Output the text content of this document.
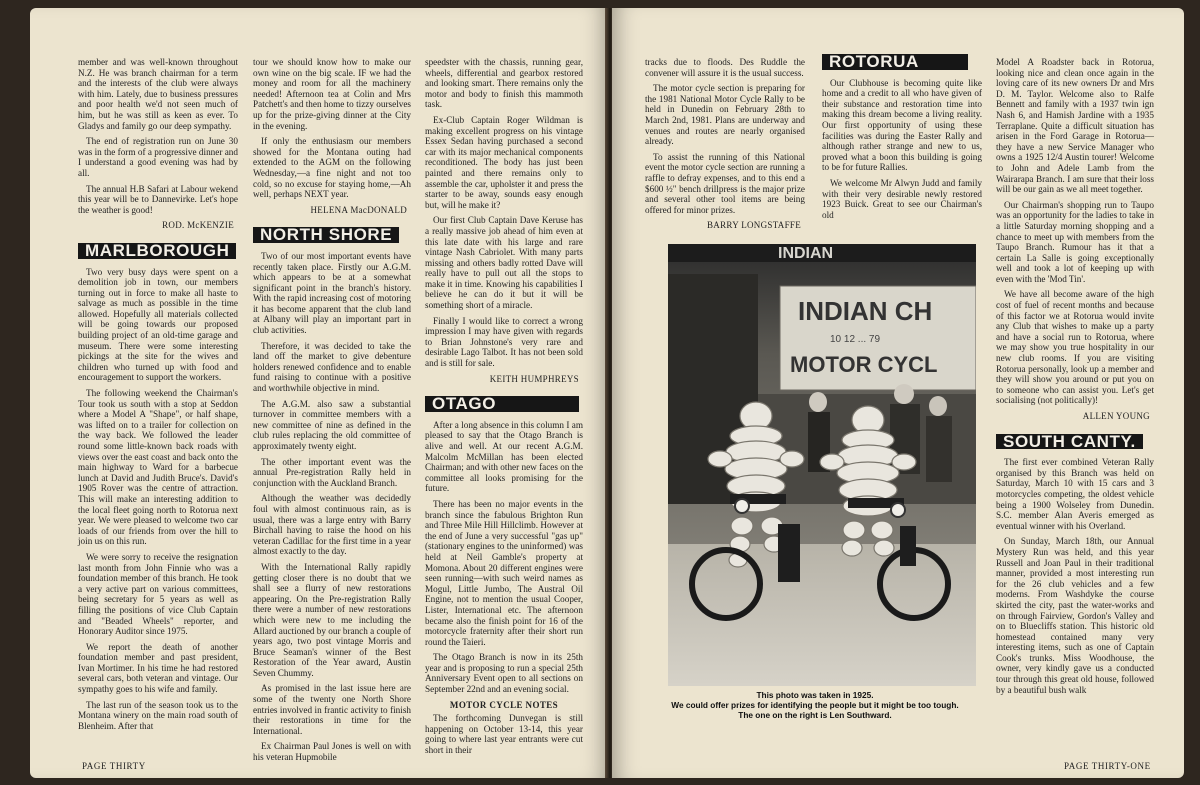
member and was well-known throughout N.Z. He was branch chairman for a term and the interests of the club were always with him. Lately, due to business pressures and poor health we'd not seen much of him, but he was still as keen as ever. To Gladys and family go our deep sympathy.

The end of registration run on June 30 was in the form of a progressive dinner and I understand a good evening was had by all.

The annual H.B Safari at Labour wekend this year will be to Dannevirke. Let's hope the weather is good!

ROD. McKENZIE
MARLBOROUGH

Two very busy days were spent on a demolition job in town, our members turning out in force to make all haste to salvage as much as possible in the time allowed. Hopefully all materials collected will be going towards our proposed building project of an old-time garage and museum. There were some interesting pickings at the site for the wives and children who turned up with food and encouragement to support the workers.

The following weekend the Chairman's Tour took us south with a stop at Seddon where a Model A "Shape", or half shape, was lifted on to a trailer for collection on the way back. We followed the leader round some little-known back roads with views over the east coast and back onto the main highway to Ward for a barbecue lunch at David and Judith Bruce's. David's 1905 Rover was the centre of attraction. This will make an interesting addition to the local fleet going north to Rotorua next year. We were pleased to welcome two car loads of our friends from over the hill to join us on this run.

We were sorry to receive the resignation last month from John Finnie who was a foundation member of this branch. He took a very active part on various committees, being secretary for 5 years as well as filling the positions of vice Club Captain and "Beaded Wheels" reporter, and Honorary Auditor since 1975.

We report the death of another foundation member and past president, Ivan Mortimer. In his time he had restored several cars, both veteran and vintage. Our sympathy goes to his wife and family.

The last run of the season took us to the Montana winery on the main road south of Blenheim. After that

tour we should know how to make our own wine on the big scale. IF we had the money and room for all the machinery needed! Afternoon tea at Colin and Mrs Patchett's and then home to tizzy ourselves up for the prize-giving dinner at the City in the evening.

If only the enthusiasm our members showed for the Montana outing had extended to the AGM on the following Wednesday,—a fine night and not too cold, so no excuse for staying home,—Ah well, perhaps NEXT year.

HELENA MacDONALD
NORTH SHORE

Two of our most important events have recently taken place. Firstly our A.G.M. which appears to be at a somewhat significant point in the branch's history. With the rapid increasing cost of motoring it has become apparent that the club land at Albany will play an important part in club activities.

Therefore, it was decided to take the land off the market to give debenture holders renewed confidence and to enable fund raising to continue with a positive and worthwhile objective in mind.

The A.G.M. also saw a substantial turnover in committee members with a new committee of nine as defined in the club rules replacing the old committee of approximately twenty eight.

The other important event was the annual Pre-registration Rally held in conjunction with the Auckland Branch.

Although the weather was decidedly foul with almost continuous rain, as is usual, there was a large entry with Barry Birchall having to raise the hood on his veteran Cadillac for the first time in a year almost exactly to the day.

With the International Rally rapidly getting closer there is no doubt that we shall see a flurry of new restorations appearing. On the Pre-registration Rally there were a number of new restorations which were new to me including the Allard auctioned by our branch a couple of years ago, two post vintage Morris and Bruce Seaman's winner of the Best Restoration of the Year award, Austin Seven Chummy.

As promised in the last issue here are some of the twenty one North Shore entries involved in frantic activity to finish their restorations in time for the International.

Ex Chairman Paul Jones is well on with his veteran Hupmobile

speedster with the chassis, running gear, wheels, differential and gearbox restored and looking smart. There remains only the motor and body to finish this mammoth task.

Ex-Club Captain Roger Wildman is making excellent progress on his vintage Essex Sedan having purchased a second car with its major mechanical components reconditioned. The body has just been painted and there remains only to assemble the car, upholster it and press the starter to be away, sounds easy enough but, will he make it?

Our first Club Captain Dave Keruse has a really massive job ahead of him even at this late date with his large and rare vintage Nash Cabriolet. With many parts missing and others badly rotted Dave will really have to pull out all the stops to make it in time. Knowing his capabilities I believe he can do it but it will be something short of a miracle.

Finally I would like to correct a wrong impression I may have given with regards to Brian Johnstone's very rare and desirable Lago Talbot. It has not been sold and is still for sale.

KEITH HUMPHREYS
OTAGO

After a long absence in this column I am pleased to say that the Otago Branch is alive and well. At our recent A.G.M. Malcolm McMillan has been elected Chairman; and with other new faces on the committee all looks promising for the future.

There has been no major events in the branch since the fabulous Brighton Run and Three Mile Hill Hillclimb. However at the end of June a very successful "gas up" (stationary engines to the uninformed) was held at Neil Gamble's property at Momona. About 20 different engines were seen running—with such weird names as Mogul, Little Jumbo, The Austral Oil Engine, not to mention the usual Cooper, Lister, International etc. The afternoon became also the finish point for 16 of the motorcycle fraternity after their short run round the Taieri.

The Otago Branch is now in its 25th year and is proposing to run a special 25th Anniversary Event open to all sections on September 22nd and an evening social.

MOTOR CYCLE NOTES

The forthcoming Dunvegan is still happening on October 13-14, this year going to where last year entrants were cut short in their

PAGE THIRTY

tracks due to floods. Des Ruddle the convener will assure it is the usual success.

The motor cycle section is preparing for the 1981 National Motor Cycle Rally to be held in Dunedin on February 28th to March 2nd, 1981. Plans are underway and venues and routes are nearly organised already.

To assist the running of this National event the motor cycle section are running a raffle to defray expenses, and to this end a $600 ½" bench drillpress is the major prize and several other tool items are being offered for minor prizes.

BARRY LONGSTAFFE
ROTORUA

Our Clubhouse is becoming quite like home and a credit to all who have given of their substance and restoration time into making this dream become a living reality. Our first opportunity of using these facilities was during the Easter Rally and although rather strange and new to us, proved what a boon this building is going to be for future Rallies.

We welcome Mr Alwyn Judd and family with their very desirable newly restored 1923 Buick. Great to see our Chairman's old

Model A Roadster back in Rotorua, looking nice and clean once again in the loving care of its new owners Dr and Mrs D. M. Taylor. Welcome also to Ralfe Bennett and family with a 1937 twin ign Nash 6, and Hamish Jardine with a 1935 Terraplane. Quite a difficult situation has arisen in the Ford Garage in Rotorua—they have a new Service Manager who owns a 1925 12/4 Austin tourer! Welcome to John and Adele Lamb from the Wairarapa Branch. I am sure that their loss will be our gain as we all meet together.

Our Chairman's shopping run to Taupo was an opportunity for the ladies to take in a little Saturday morning shopping and a chance to meet up with members from the Taupo Branch. Rumour has it that a certain La Salle is going exceptionally well and took a lot of keeping up with even with the 'Mod Tin'.

We have all become aware of the high cost of fuel of recent months and because of this factor we at Rotorua would invite any Club that wishes to make up a party and have a social run to Rotorua, where we may show you true hospitality in our new club rooms. If you are visiting Rotorua personally, look up a member and they will show you around or put you on to someone who can assist you. Let's get socialising (not politically)!

ALLEN YOUNG
SOUTH CANTY.

The first ever combined Veteran Rally organised by this Branch was held on Saturday, March 10 with 15 cars and 3 motorcycles competing, the oldest vehicle being a 1900 Wolseley from Dunedin. S.C. member Alan Averis emerged as eventual winner with his Overland.

On Sunday, March 18th, our Annual Mystery Run was held, and this year Russell and Joan Paul in their traditional manner, provided a most interesting run for the 26 club vehicles and a few moderns. From Washdyke the course skirted the city, past the water-works and on through Fairview, Gordon's Valley and on to Bluecliffs station. This historic old homestead contained many very interesting items, such as one of Captain Cook's trunks. Miss Woodhouse, the owner, very kindly gave us a conducted tour through this great old house, followed by a beautiful bush walk

INDIAN
INDIAN CH
10 12 ... 79
MOTOR CYCL
This photo was taken in 1925.
We could offer prizes for identifying the people but it might be too tough.
The one on the right is Len Southward.
PAGE THIRTY-ONE
